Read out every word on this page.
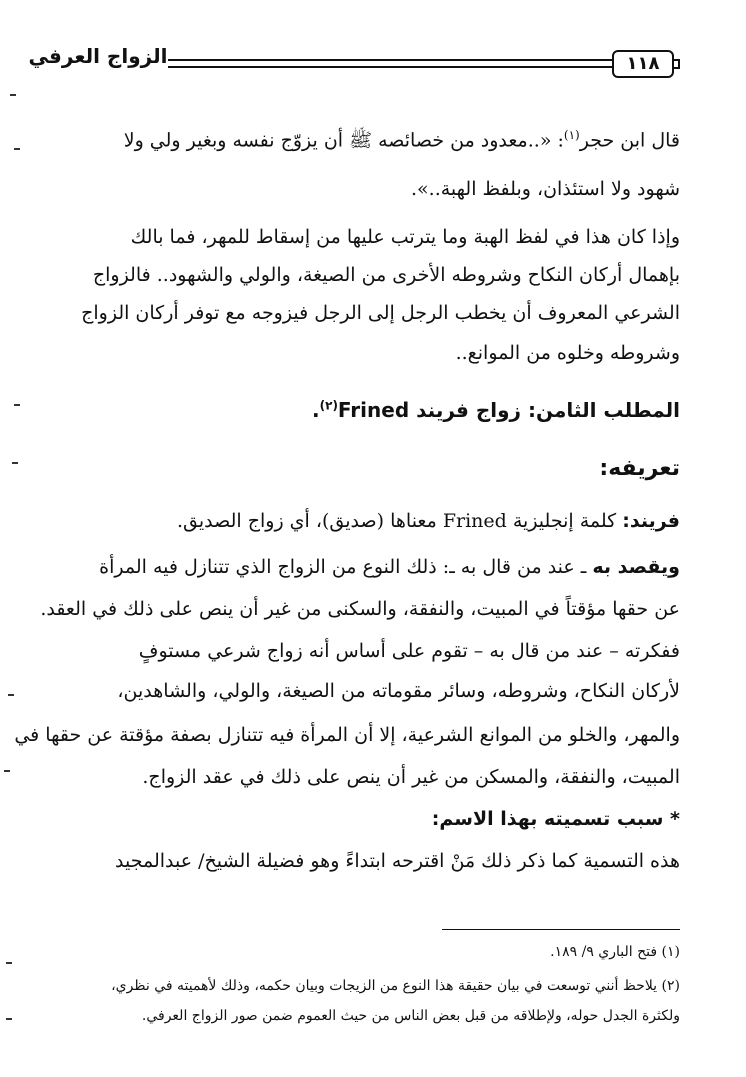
الزواج العرفي	١١٨
قال ابن حجر$^{(١)}$: «..معدود من خصائصه ﷺ أن يزوّج نفسه وبغير ولي ولا
شهود ولا استئذان، وبلفظ الهبة..».
وإذا كان هذا في لفظ الهبة وما يترتب عليها من إسقاط للمهر، فما بالك
بإهمال أركان النكاح وشروطه الأخرى من الصيغة، والولي والشهود.. فالزواج
الشرعي المعروف أن يخطب الرجل إلى الرجل فيزوجه مع توفر أركان الزواج
وشروطه وخلوه من الموانع..
المطلب الثامن: زواج فريند Frined$^{(٢)}$.
تعريفه:
فريند: كلمة إنجليزية Frined معناها (صديق)، أي زواج الصديق.
ويقصد به ـ عند من قال به ـ: ذلك النوع من الزواج الذي تتنازل فيه المرأة
عن حقها مؤقتاً في المبيت، والنفقة، والسكنى من غير أن ينص على ذلك في العقد.
ففكرته – عند من قال به – تقوم على أساس أنه زواج شرعي مستوفٍ
لأركان النكاح، وشروطه، وسائر مقوماته من الصيغة، والولي، والشاهدين،
والمهر، والخلو من الموانع الشرعية، إلا أن المرأة فيه تتنازل بصفة مؤقتة عن حقها في
المبيت، والنفقة، والمسكن من غير أن ينص على ذلك في عقد الزواج.
* سبب تسميته بهذا الاسم:
هذه التسمية كما ذكر ذلك مَنْ اقترحه ابتداءً وهو فضيلة الشيخ/ عبدالمجيد
(١) فتح الباري ٩/ ١٨٩.
(٢) يلاحظ أنني توسعت في بيان حقيقة هذا النوع من الزيجات وبيان حكمه، وذلك لأهميته في نظري،
ولكثرة الجدل حوله، ولإطلاقه من قبل بعض الناس من حيث العموم ضمن صور الزواج العرفي.
